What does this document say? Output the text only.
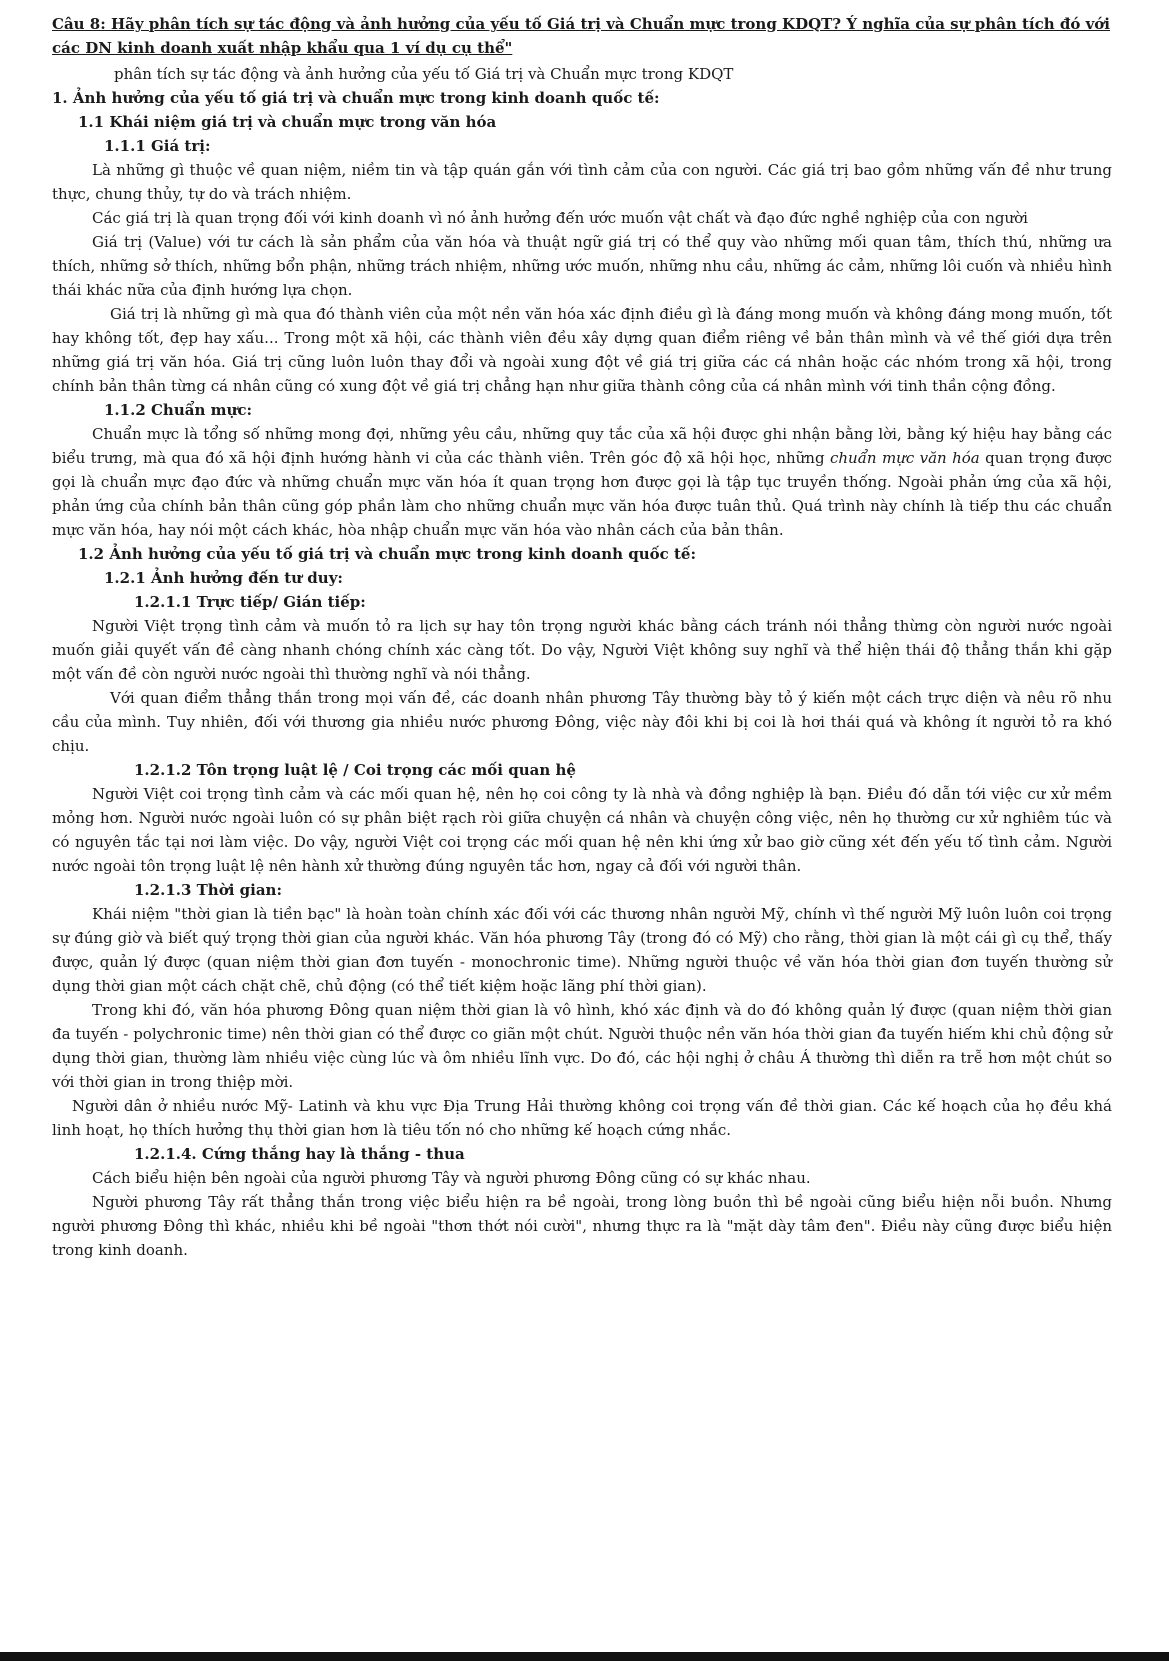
Câu 8: Hãy phân tích sự tác động và ảnh hưởng của yếu tố Giá trị và Chuẩn mực trong KDQT? Ý nghĩa của sự phân tích đó với các DN kinh doanh xuất nhập khẩu qua 1 ví dụ cụ thể"

phân tích sự tác động và ảnh hưởng của yếu tố Giá trị và Chuẩn mực trong KDQT

1. Ảnh hưởng của yếu tố giá trị và chuẩn mực trong kinh doanh quốc tế:

1.1 Khái niệm giá trị và chuẩn mực trong văn hóa

1.1.1 Giá trị:

Là những gì thuộc về quan niệm, niềm tin và tập quán gắn với tình cảm của con người. Các giá trị bao gồm những vấn đề như trung thực, chung thủy, tự do và trách nhiệm.

Các giá trị là quan trọng đối với kinh doanh vì nó ảnh hưởng đến ước muốn vật chất và đạo đức nghề nghiệp của con người

Giá trị (Value) với tư cách là sản phẩm của văn hóa và thuật ngữ giá trị có thể quy vào những mối quan tâm, thích thú, những ưa thích, những sở thích, những bổn phận, những trách nhiệm, những ước muốn, những nhu cầu, những ác cảm, những lôi cuốn và nhiều hình thái khác nữa của định hướng lựa chọn.

Giá trị là những gì mà qua đó thành viên của một nền văn hóa xác định điều gì là đáng mong muốn và không đáng mong muốn, tốt hay không tốt, đẹp hay xấu... Trong một xã hội, các thành viên đều xây dựng quan điểm riêng về bản thân mình và về thế giới dựa trên những giá trị văn hóa. Giá trị cũng luôn luôn thay đổi và ngoài xung đột về giá trị giữa các cá nhân hoặc các nhóm trong xã hội, trong chính bản thân từng cá nhân cũng có xung đột về giá trị chẳng hạn như giữa thành công của cá nhân mình với tinh thần cộng đồng.

1.1.2 Chuẩn mực:

Chuẩn mực là tổng số những mong đợi, những yêu cầu, những quy tắc của xã hội được ghi nhận bằng lời, bằng ký hiệu hay bằng các biểu trưng, mà qua đó xã hội định hướng hành vi của các thành viên. Trên góc độ xã hội học, những chuẩn mực văn hóa quan trọng được gọi là chuẩn mực đạo đức và những chuẩn mực văn hóa ít quan trọng hơn được gọi là tập tục truyền thống. Ngoài phản ứng của xã hội, phản ứng của chính bản thân cũng góp phần làm cho những chuẩn mực văn hóa được tuân thủ. Quá trình này chính là tiếp thu các chuẩn mực văn hóa, hay nói một cách khác, hòa nhập chuẩn mực văn hóa vào nhân cách của bản thân.

1.2 Ảnh hưởng của yếu tố giá trị và chuẩn mực trong kinh doanh quốc tế:

1.2.1 Ảnh hưởng đến tư duy:

1.2.1.1 Trực tiếp/ Gián tiếp:

Người Việt trọng tình cảm và muốn tỏ ra lịch sự hay tôn trọng người khác bằng cách tránh nói thẳng thừng còn người nước ngoài muốn giải quyết vấn đề càng nhanh chóng chính xác càng tốt. Do vậy, Người Việt không suy nghĩ và thể hiện thái độ thẳng thắn khi gặp một vấn đề còn người nước ngoài thì thường nghĩ và nói thẳng.

Với quan điểm thẳng thắn trong mọi vấn đề, các doanh nhân phương Tây thường bày tỏ ý kiến một cách trực diện và nêu rõ nhu cầu của mình. Tuy nhiên, đối với thương gia nhiều nước phương Đông, việc này đôi khi bị coi là hơi thái quá và không ít người tỏ ra khó chịu.

1.2.1.2 Tôn trọng luật lệ / Coi trọng các mối quan hệ

Người Việt coi trọng tình cảm và các mối quan hệ, nên họ coi công ty là nhà và đồng nghiệp là bạn. Điều đó dẫn tới việc cư xử mềm mỏng hơn. Người nước ngoài luôn có sự phân biệt rạch ròi giữa chuyện cá nhân và chuyện công việc, nên họ thường cư xử nghiêm túc và có nguyên tắc tại nơi làm việc. Do vậy, người Việt coi trọng các mối quan hệ nên khi ứng xử bao giờ cũng xét đến yếu tố tình cảm. Người nước ngoài tôn trọng luật lệ nên hành xử thường đúng nguyên tắc hơn, ngay cả đối với người thân.

1.2.1.3 Thời gian:

Khái niệm "thời gian là tiền bạc" là hoàn toàn chính xác đối với các thương nhân người Mỹ, chính vì thế người Mỹ luôn luôn coi trọng sự đúng giờ và biết quý trọng thời gian của người khác. Văn hóa phương Tây (trong đó có Mỹ) cho rằng, thời gian là một cái gì cụ thể, thấy được, quản lý được (quan niệm thời gian đơn tuyến - monochronic time). Những người thuộc về văn hóa thời gian đơn tuyến thường sử dụng thời gian một cách chặt chẽ, chủ động (có thể tiết kiệm hoặc lãng phí thời gian).

Trong khi đó, văn hóa phương Đông quan niệm thời gian là vô hình, khó xác định và do đó không quản lý được (quan niệm thời gian đa tuyến - polychronic time) nên thời gian có thể được co giãn một chút. Người thuộc nền văn hóa thời gian đa tuyến hiếm khi chủ động sử dụng thời gian, thường làm nhiều việc cùng lúc và ôm nhiều lĩnh vực. Do đó, các hội nghị ở châu Á thường thì diễn ra trễ hơn một chút so với thời gian in trong thiệp mời.

Người dân ở nhiều nước Mỹ- Latinh và khu vực Địa Trung Hải thường không coi trọng vấn đề thời gian. Các kế hoạch của họ đều khá linh hoạt, họ thích hưởng thụ thời gian hơn là tiêu tốn nó cho những kế hoạch cứng nhắc.

1.2.1.4. Cứng thắng hay là thắng - thua

Cách biểu hiện bên ngoài của người phương Tây và người phương Đông cũng có sự khác nhau.

Người phương Tây rất thẳng thắn trong việc biểu hiện ra bề ngoài, trong lòng buồn thì bề ngoài cũng biểu hiện nỗi buồn. Nhưng người phương Đông thì khác, nhiều khi bề ngoài "thơn thớt nói cười", nhưng thực ra là "mặt dày tâm đen". Điều này cũng được biểu hiện trong kinh doanh.
